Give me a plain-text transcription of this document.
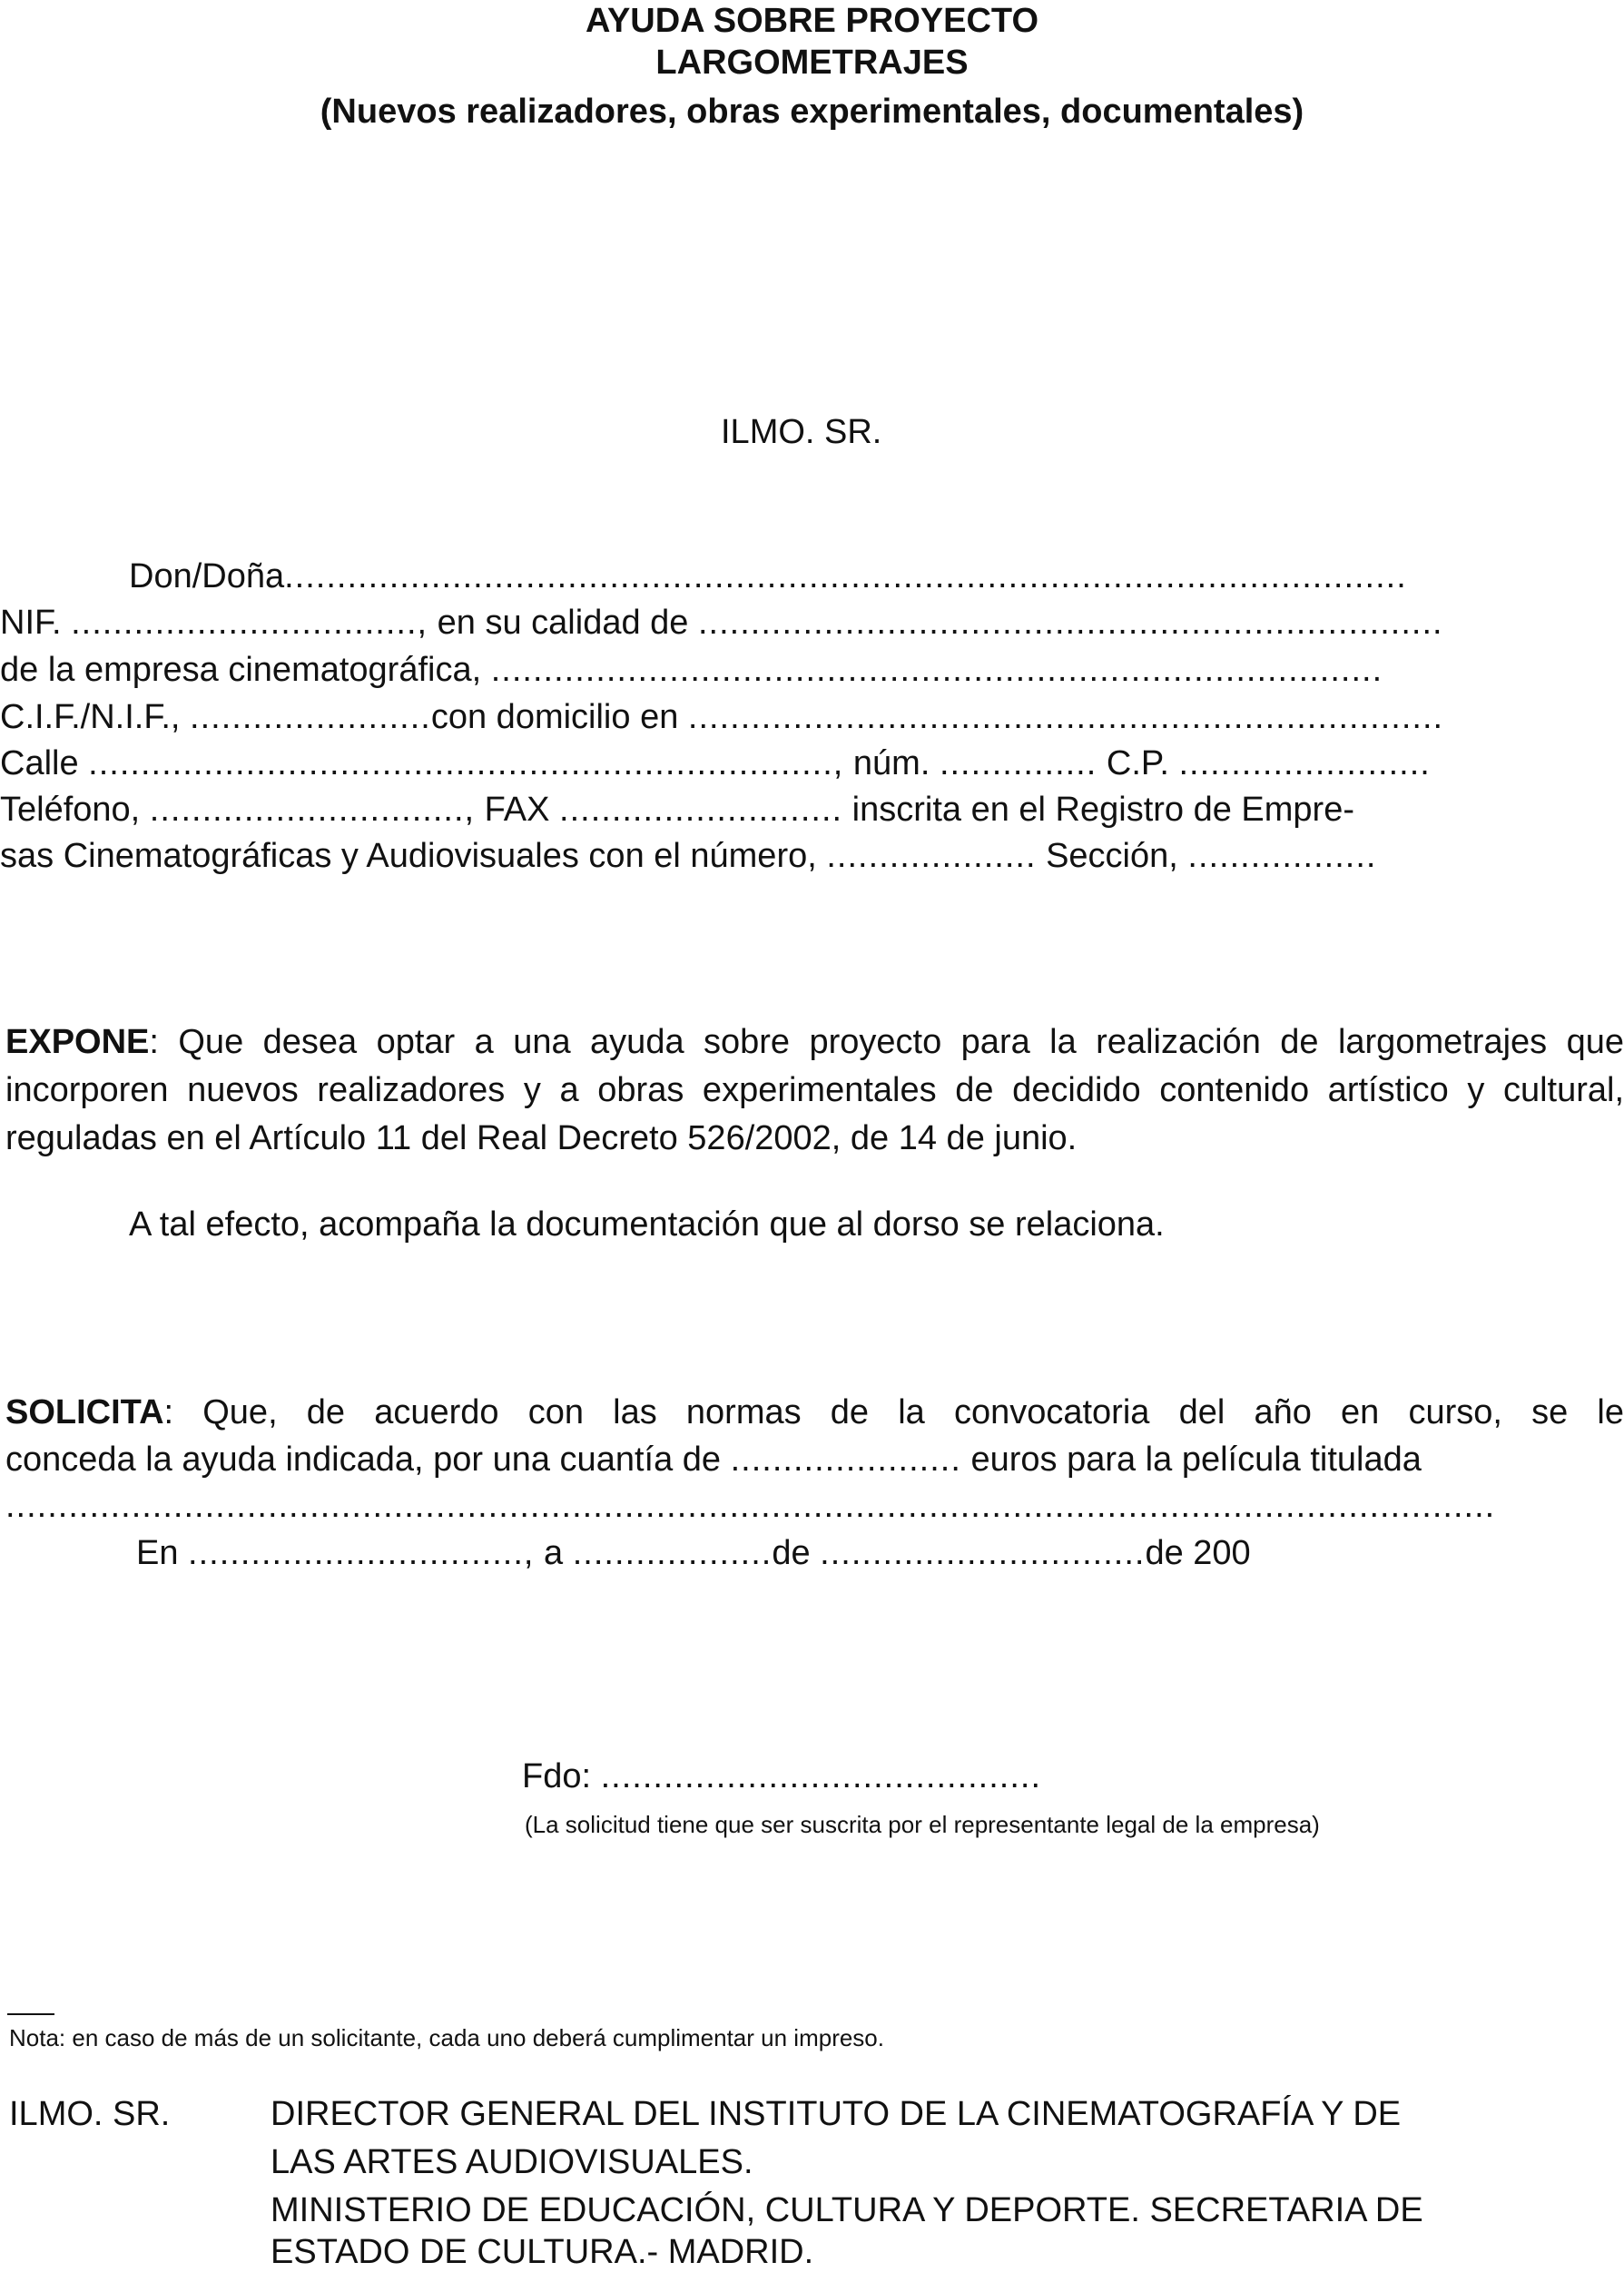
AYUDA SOBRE PROYECTO
LARGOMETRAJES
(Nuevos realizadores, obras experimentales, documentales)
ILMO. SR.
Don/Doña...........................................................................................................
NIF. ................................., en su calidad de .......................................................................
de la empresa cinematográfica, .....................................................................................
C.I.F./N.I.F., .......................con domicilio en ........................................................................
Calle ......................................................................., núm. ............... C.P. ........................
Teléfono, .............................., FAX ........................... inscrita en el Registro de Empre-
sas Cinematográficas y Audiovisuales con el número, .................... Sección, ..................
EXPONE: Que desea optar a una ayuda sobre proyecto para la realización de largometrajes que incorporen nuevos realizadores y a obras experimentales de decidido contenido artístico y cultural, reguladas en el Artículo 11 del Real Decreto 526/2002, de 14 de junio.
A tal efecto, acompaña la documentación que al dorso se relaciona.
SOLICITA: Que, de acuerdo con las normas de la convocatoria del año en curso, se le
conceda la ayuda indicada, por una cuantía de ...................... euros para la película titulada
..............................................................................................................................................
En ................................, a ...................de ...............................de 200
Fdo: ..........................................
(La solicitud tiene que ser suscrita por el representante legal de la empresa)
Nota: en caso de más de un solicitante, cada uno deberá cumplimentar un impreso.
ILMO. SR.	DIRECTOR GENERAL DEL INSTITUTO DE LA CINEMATOGRAFÍA Y DE
LAS ARTES AUDIOVISUALES.
MINISTERIO DE EDUCACIÓN, CULTURA Y DEPORTE. SECRETARIA DE
ESTADO DE CULTURA.- MADRID.
